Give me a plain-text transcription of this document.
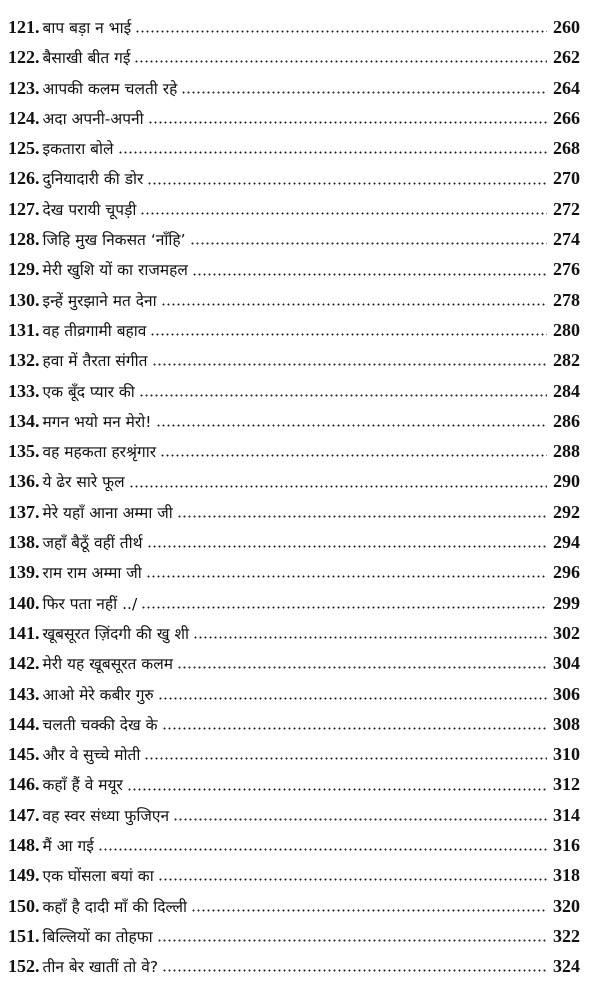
121. बाप बड़ा न भाई	260
122. बैसाखी बीत गई	262
123. आपकी कलम चलती रहे	264
124. अदा अपनी-अपनी	266
125. इकतारा बोले	268
126. दुनियादारी की डोर	270
127. देख परायी चूपड़ी	272
128. जिहि मुख निकसत ‘नाँहि’	274
129. मेरी खुशि यों का राजमहल	276
130. इन्हें मुरझाने मत देना	278
131. वह तीव्रगामी बहाव	280
132. हवा में तैरता संगीत	282
133. एक बूँद प्यार की	284
134. मगन भयो मन मेरो!	286
135. वह महकता हरश्रृंगार	288
136. ये ढेर सारे फूल	290
137. मेरे यहाँ आना अम्मा जी	292
138. जहाँ बैठूँ वहीं तीर्थ	294
139. राम राम अम्मा जी	296
140. फिर पता नहीं ../	299
141. खूबसूरत ज़िंदगी की खु शी	302
142. मेरी यह खूबसूरत कलम	304
143. आओ मेरे कबीर गुरु	306
144. चलती चक्की देख के	308
145. और वे सुच्चे मोती	310
146. कहाँ हैं वे मयूर	312
147. वह स्वर संध्या फुजिएन	314
148. मैं आ गई	316
149. एक घोंसला बयां का	318
150. कहाँ है दादी माँ की दिल्ली	320
151. बिल्लियों का तोहफा	322
152. तीन बेर खातीं तो वे?	324
